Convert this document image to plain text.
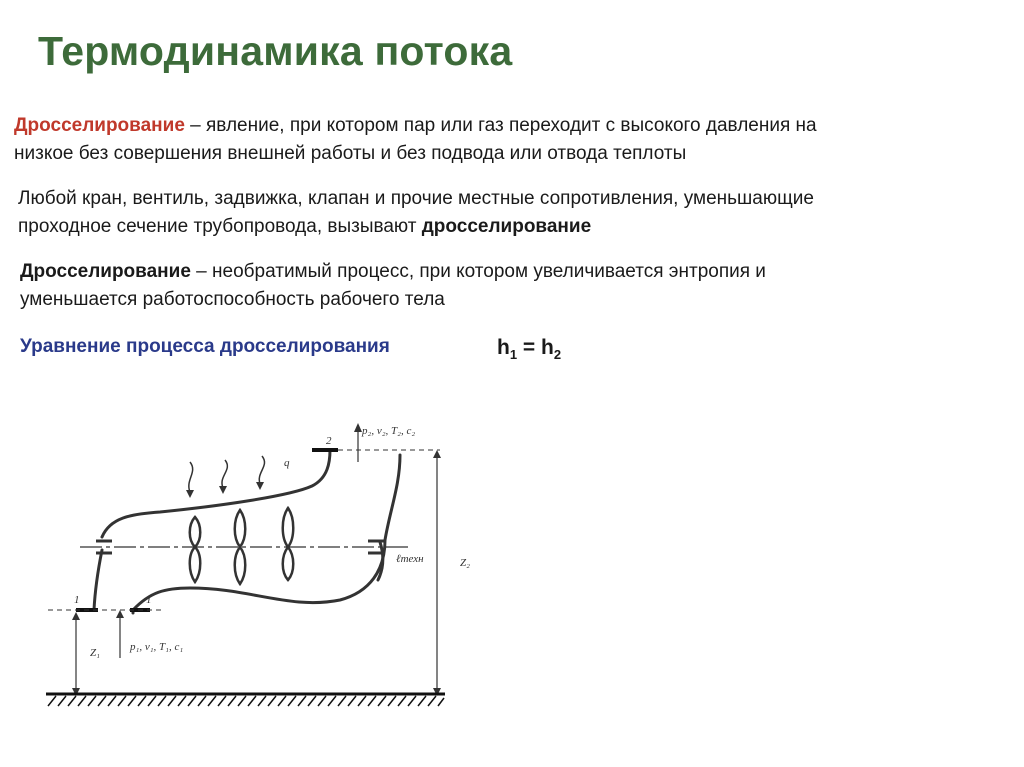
Термодинамика потока
Дросселирование – явление, при котором пар или газ переходит с высокого давления на
низкое без совершения внешней работы и без подвода или отвода теплоты
Любой кран, вентиль, задвижка, клапан и прочие местные сопротивления, уменьшающие
проходное сечение трубопровода, вызывают дросселирование
Дросселирование – необратимый процесс, при котором увеличивается энтропия и
уменьшается работоспособность рабочего тела
Уравнение процесса дросселирования	$h_1 = h_2$
2
p₂, v₂, T₂, c₂
q
ℓтехн	Z₂
1	1
Z₁	p₁, v₁, T₁, c₁
